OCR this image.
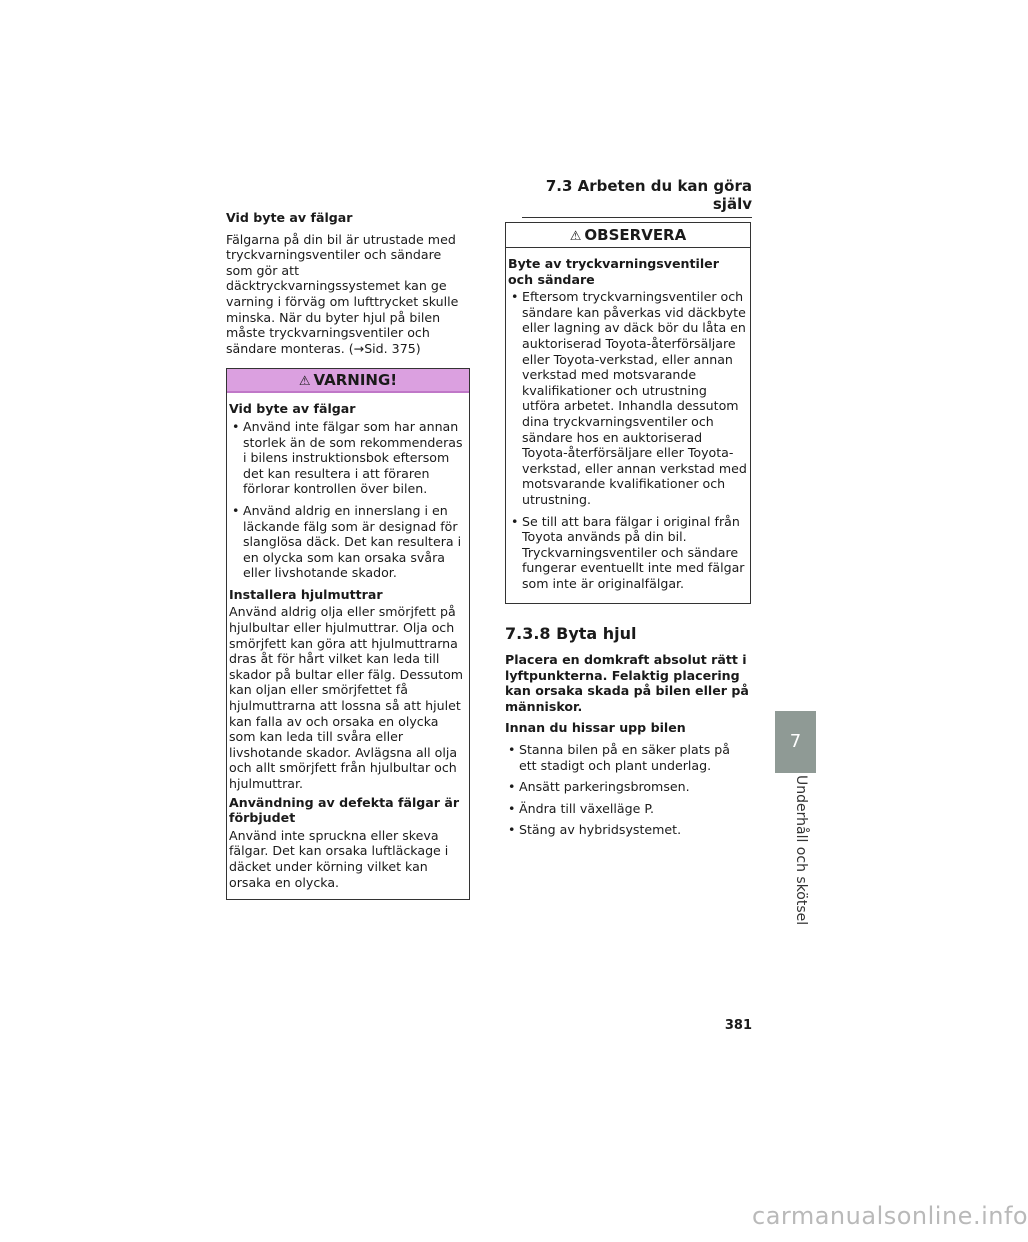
7.3 Arbeten du kan göra själv
Vid byte av fälgar

Fälgarna på din bil är utrustade med tryckvarningsventiler och sändare som gör att däcktryckvarningssystemet kan ge varning i förväg om lufttrycket skulle minska. När du byter hjul på bilen måste tryckvarningsventiler och sändare monteras. (→Sid. 375)

⚠ VARNING!
Vid byte av fälgar
• Använd inte fälgar som har annan storlek än de som rekommenderas i bilens instruktionsbok eftersom det kan resultera i att föraren förlorar kontrollen över bilen.
• Använd aldrig en innerslang i en läckande fälg som är designad för slanglösa däck. Det kan resultera i en olycka som kan orsaka svåra eller livshotande skador.
Installera hjulmuttrar

Använd aldrig olja eller smörjfett på hjulbultar eller hjulmuttrar. Olja och smörjfett kan göra att hjulmuttrarna dras åt för hårt vilket kan leda till skador på bultar eller fälg. Dessutom kan oljan eller smörjfettet få hjulmuttrarna att lossna så att hjulet kan falla av och orsaka en olycka som kan leda till svåra eller livshotande skador. Avlägsna all olja och allt smörjfett från hjulbultar och hjulmuttrar.

Användning av defekta fälgar är förbjudet

Använd inte spruckna eller skeva fälgar. Det kan orsaka luftläckage i däcket under körning vilket kan orsaka en olycka.

⚠ OBSERVERA
Byte av tryckvarningsventiler och sändare
• Eftersom tryckvarningsventiler och sändare kan påverkas vid däckbyte eller lagning av däck bör du låta en auktoriserad Toyota-återförsäljare eller Toyota-verkstad, eller annan verkstad med motsvarande kvalifikationer och utrustning utföra arbetet. Inhandla dessutom dina tryckvarningsventiler och sändare hos en auktoriserad Toyota-återförsäljare eller Toyota-verkstad, eller annan verkstad med motsvarande kvalifikationer och utrustning.
• Se till att bara fälgar i original från Toyota används på din bil. Tryckvarningsventiler och sändare fungerar eventuellt inte med fälgar som inte är originalfälgar.
7.3.8 Byta hjul

Placera en domkraft absolut rätt i lyftpunkterna. Felaktig placering kan orsaka skada på bilen eller på människor.

Innan du hissar upp bilen
• Stanna bilen på en säker plats på ett stadigt och plant underlag.
• Ansätt parkeringsbromsen.
• Ändra till växelläge P.
• Stäng av hybridsystemet.
7
Underhåll och skötsel
381
carmanualsonline.info
